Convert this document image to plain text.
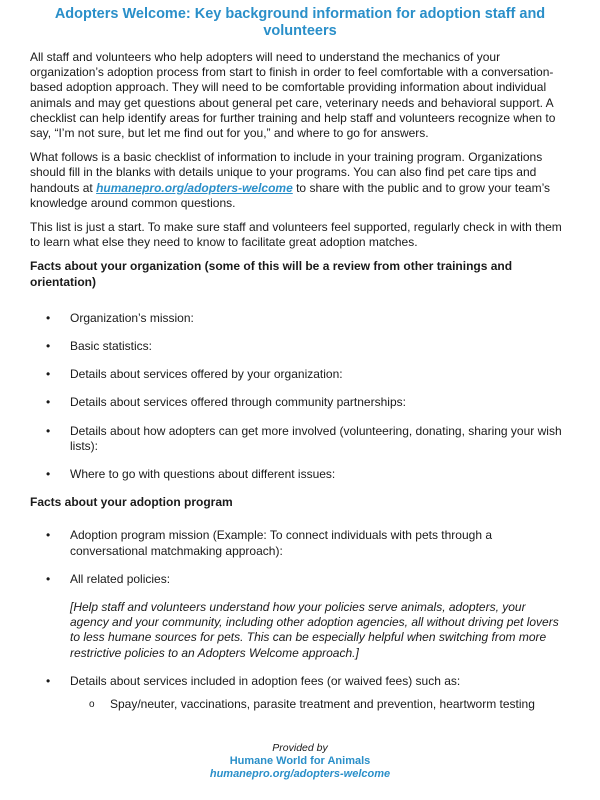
Adopters Welcome: Key background information for adoption staff and volunteers

All staff and volunteers who help adopters will need to understand the mechanics of your organization’s adoption process from start to finish in order to feel comfortable with a conversation-based adoption approach. They will need to be comfortable providing information about individual animals and may get questions about general pet care, veterinary needs and behavioral support. A checklist can help identify areas for further training and help staff and volunteers recognize when to say, “I’m not sure, but let me find out for you,” and where to go for answers.

What follows is a basic checklist of information to include in your training program. Organizations should fill in the blanks with details unique to your programs. You can also find pet care tips and handouts at humanepro.org/adopters-welcome to share with the public and to grow your team’s knowledge around common questions.

This list is just a start. To make sure staff and volunteers feel supported, regularly check in with them to learn what else they need to know to facilitate great adoption matches.

Facts about your organization (some of this will be a review from other trainings and orientation)
• Organization’s mission:
• Basic statistics:
• Details about services offered by your organization:
• Details about services offered through community partnerships:
• Details about how adopters can get more involved (volunteering, donating, sharing your wish lists):
• Where to go with questions about different issues:
Facts about your adoption program
• Adoption program mission (Example: To connect individuals with pets through a conversational matchmaking approach):
• All related policies:
[Help staff and volunteers understand how your policies serve animals, adopters, your agency and your community, including other adoption agencies, all without driving pet lovers to less humane sources for pets. This can be especially helpful when switching from more restrictive policies to an Adopters Welcome approach.]
• Details about services included in adoption fees (or waived fees) such as:
o Spay/neuter, vaccinations, parasite treatment and prevention, heartworm testing
Provided by
Humane World for Animals
humanepro.org/adopters-welcome
